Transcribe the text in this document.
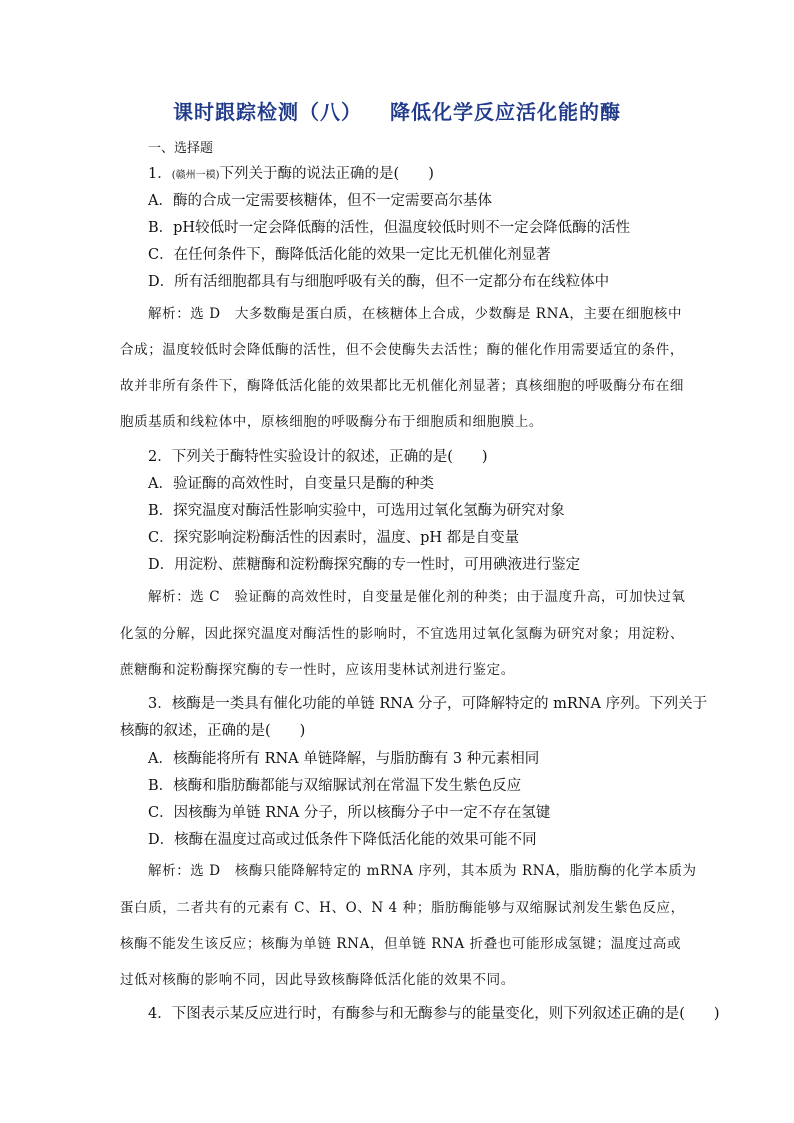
课时跟踪检测（八） 降低化学反应活化能的酶
一、选择题
1．(赣州一模)下列关于酶的说法正确的是(　　)
A．酶的合成一定需要核糖体，但不一定需要高尔基体
B．pH较低时一定会降低酶的活性，但温度较低时则不一定会降低酶的活性
C．在任何条件下，酶降低活化能的效果一定比无机催化剂显著
D．所有活细胞都具有与细胞呼吸有关的酶，但不一定都分布在线粒体中
解析：选 D　大多数酶是蛋白质，在核糖体上合成，少数酶是 RNA，主要在细胞核中
合成；温度较低时会降低酶的活性，但不会使酶失去活性；酶的催化作用需要适宜的条件，
故并非所有条件下，酶降低活化能的效果都比无机催化剂显著；真核细胞的呼吸酶分布在细
胞质基质和线粒体中，原核细胞的呼吸酶分布于细胞质和细胞膜上。
2．下列关于酶特性实验设计的叙述，正确的是(　　)
A．验证酶的高效性时，自变量只是酶的种类
B．探究温度对酶活性影响实验中，可选用过氧化氢酶为研究对象
C．探究影响淀粉酶活性的因素时，温度、pH 都是自变量
D．用淀粉、蔗糖酶和淀粉酶探究酶的专一性时，可用碘液进行鉴定
解析：选 C　验证酶的高效性时，自变量是催化剂的种类；由于温度升高，可加快过氧
化氢的分解，因此探究温度对酶活性的影响时，不宜选用过氧化氢酶为研究对象；用淀粉、
蔗糖酶和淀粉酶探究酶的专一性时，应该用斐林试剂进行鉴定。
3．核酶是一类具有催化功能的单链 RNA 分子，可降解特定的 mRNA 序列。下列关于
核酶的叙述，正确的是(　　)
A．核酶能将所有 RNA 单链降解，与脂肪酶有 3 种元素相同
B．核酶和脂肪酶都能与双缩脲试剂在常温下发生紫色反应
C．因核酶为单链 RNA 分子，所以核酶分子中一定不存在氢键
D．核酶在温度过高或过低条件下降低活化能的效果可能不同
解析：选 D　核酶只能降解特定的 mRNA 序列，其本质为 RNA，脂肪酶的化学本质为
蛋白质，二者共有的元素有 C、H、O、N 4 种；脂肪酶能够与双缩脲试剂发生紫色反应，
核酶不能发生该反应；核酶为单链 RNA，但单链 RNA 折叠也可能形成氢键；温度过高或
过低对核酶的影响不同，因此导致核酶降低活化能的效果不同。
4．下图表示某反应进行时，有酶参与和无酶参与的能量变化，则下列叙述正确的是(　　)
